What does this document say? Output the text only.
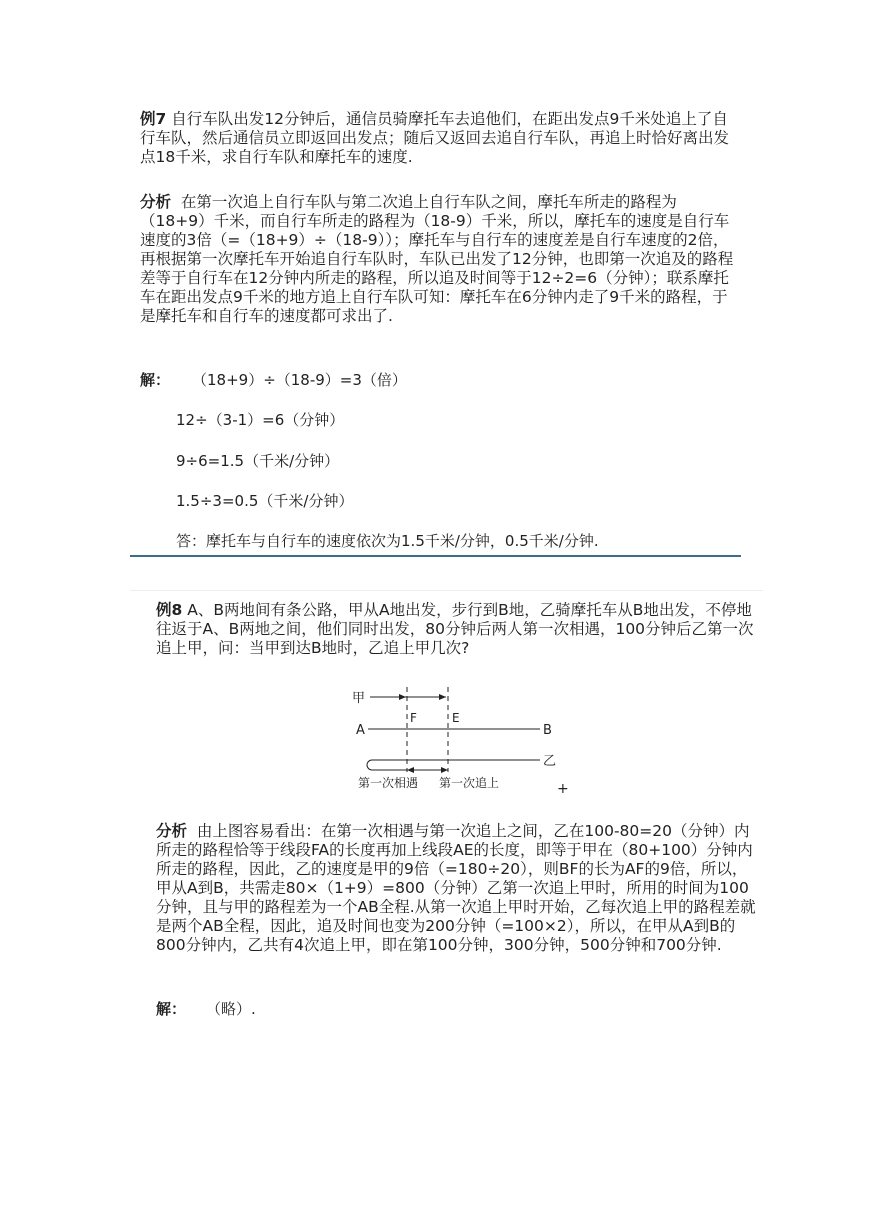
例7 自行车队出发12分钟后，通信员骑摩托车去追他们，在距出发点9千米处追上了自行车队，然后通信员立即返回出发点；随后又返回去追自行车队，再追上时恰好离出发点18千米，求自行车队和摩托车的速度.

分析 在第一次追上自行车队与第二次追上自行车队之间，摩托车所走的路程为（18+9）千米，而自行车所走的路程为（18-9）千米，所以，摩托车的速度是自行车速度的3倍（=（18+9）÷（18-9））；摩托车与自行车的速度差是自行车速度的2倍，再根据第一次摩托车开始追自行车队时，车队已出发了12分钟，也即第一次追及的路程差等于自行车在12分钟内所走的路程，所以追及时间等于12÷2=6（分钟）；联系摩托车在距出发点9千米的地方追上自行车队可知：摩托车在6分钟内走了9千米的路程，于是摩托车和自行车的速度都可求出了.

解： （18+9）÷（18-9）=3（倍）
12÷（3-1）=6（分钟）
9÷6=1.5（千米/分钟）
1.5÷3=0.5（千米/分钟）
答：摩托车与自行车的速度依次为1.5千米/分钟，0.5千米/分钟.

例8 A、B两地间有条公路，甲从A地出发，步行到B地，乙骑摩托车从B地出发，不停地往返于A、B两地之间，他们同时出发，80分钟后两人第一次相遇，100分钟后乙第一次追上甲，问：当甲到达B地时，乙追上甲几次?

甲
A	B
F	E
乙
第一次相遇 第一次追上	+

分析 由上图容易看出：在第一次相遇与第一次追上之间，乙在100-80=20（分钟）内所走的路程恰等于线段FA的长度再加上线段AE的长度，即等于甲在（80+100）分钟内所走的路程，因此，乙的速度是甲的9倍（=180÷20），则BF的长为AF的9倍，所以，甲从A到B，共需走80×（1+9）=800（分钟）乙第一次追上甲时，所用的时间为100分钟，且与甲的路程差为一个AB全程.从第一次追上甲时开始，乙每次追上甲的路程差就是两个AB全程，因此，追及时间也变为200分钟（=100×2），所以，在甲从A到B的800分钟内，乙共有4次追上甲，即在第100分钟，300分钟，500分钟和700分钟.

解： （略）.
